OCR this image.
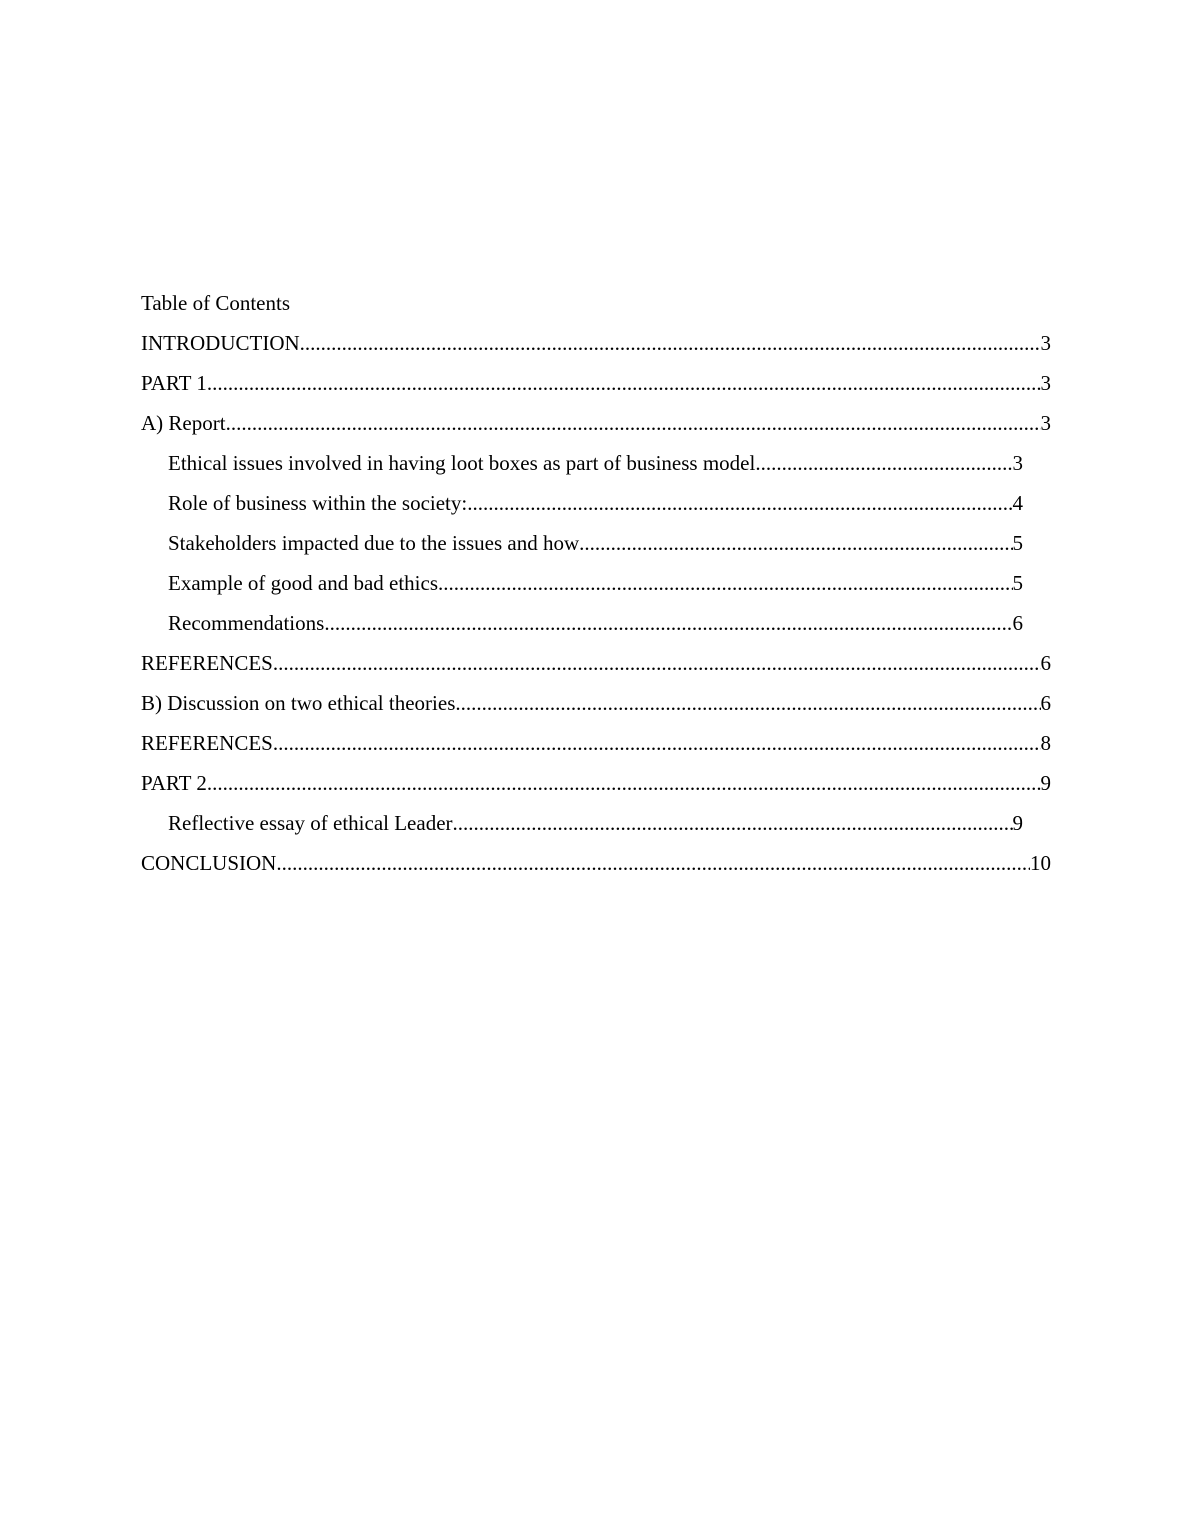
Table of Contents
INTRODUCTION .....	3
PART 1 .....	3
A) Report .....	3
Ethical issues involved in having loot boxes as part of business model .....	3
Role of business within the society: .....	4
Stakeholders impacted due to the issues and how .....	5
Example of good and bad ethics .....	5
Recommendations .....	6
REFERENCES .....	6
B) Discussion on two ethical theories .....	6
REFERENCES .....	8
PART 2 .....	9
Reflective essay of ethical Leader .....	9
CONCLUSION .....	10
